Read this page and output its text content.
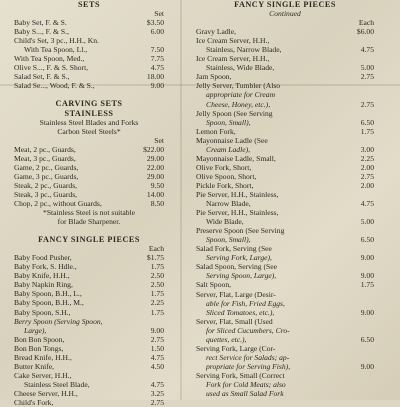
SETS
Set
Baby Set, F. & S.	$3.50
Baby S..., F. & S.,	6.00
Child's Set, 3 pc., H.H., Kn.
With Tea Spoon, Ll.,	7.50
With Tea Spoon, Med.,	7.75
Olive S..., F. & S. Short,	4.75
Salad Set, F. & S.,	18.00
Salad Se..., Wood, F. & S.,	9.00
CARVING SETS
STAINLESS
Stainless Steel Blades and Forks
Carbon Steel Steels*
Set
Meat, 2 pc., Guards,	$22.00
Meat, 3 pc., Guards,	29.00
Game, 2 pc., Guards,	22.00
Game, 3 pc., Guards,	29.00
Steak, 2 pc., Guards,	9.50
Steak, 3 pc., Guards,	14.00
Chop, 2 pc., without Guards,	8.50
*Stainless Steel is not suitable
for Blade Sharpener.
FANCY SINGLE PIECES
Each
Baby Food Pusher,	$1.75
Baby Fork, S. Hdle.,	1.75
Baby Knife, H.H.,	2.50
Baby Napkin Ring,	2.50
Baby Spoon, B.H., L.,	1.75
Baby Spoon, B.H., M.,	2.25
Baby Spoon, S.H.,	1.75
Berry Spoon (Serving Spoon,
Large),	9.00
Bon Bon Spoon,	2.75
Bon Bon Tongs,	1.50
Bread Knife, H.H.,	4.75
Butter Knife,	4.50
Cake Server, H.H.,
Stainless Steel Blade,	4.75
Cheese Server, H.H.,	3.25
Child's Fork,	2.75
FANCY SINGLE PIECES
Continued
Each
Gravy Ladle,	$6.00
Ice Cream Server, H.H.,
Stainless, Narrow Blade,	4.75
Ice Cream Server, H.H.,
Stainless, Wide Blade,	5.00
Jam Spoon,	2.75
Jelly Server, Tumbler (Also
appropriate for Cream
Cheese, Honey, etc.),	2.75
Jelly Spoon (See Serving
Spoon, Small),	6.50
Lemon Fork,	1.75
Mayonnaise Ladle (See
Cream Ladle),	3.00
Mayonnaise Ladle, Small,	2.25
Olive Fork, Short,	2.00
Olive Spoon, Short,	2.75
Pickle Fork, Short,	2.00
Pie Server, H.H., Stainless,
Narrow Blade,	4.75
Pie Server, H.H., Stainless,
Wide Blade,	5.00
Preserve Spoon (See Serving
Spoon, Small),	6.50
Salad Fork, Serving (See
Serving Fork, Large),	9.00
Salad Spoon, Serving (See
Serving Spoon, Large),	9.00
Salt Spoon,	1.75
Server, Flat, Large (Desir-
able for Fish, Fried Eggs,
Sliced Tomatoes, etc.),	9.00
Server, Flat, Small (Used
for Sliced Cucumbers, Cro-
quettes, etc.),	6.50
Serving Fork, Large (Cor-
rect Service for Salads; ap-
propriate for Serving Fish),	9.00
Serving Fork, Small (Correct
Fork for Cold Meats; also
used as Small Salad Fork
